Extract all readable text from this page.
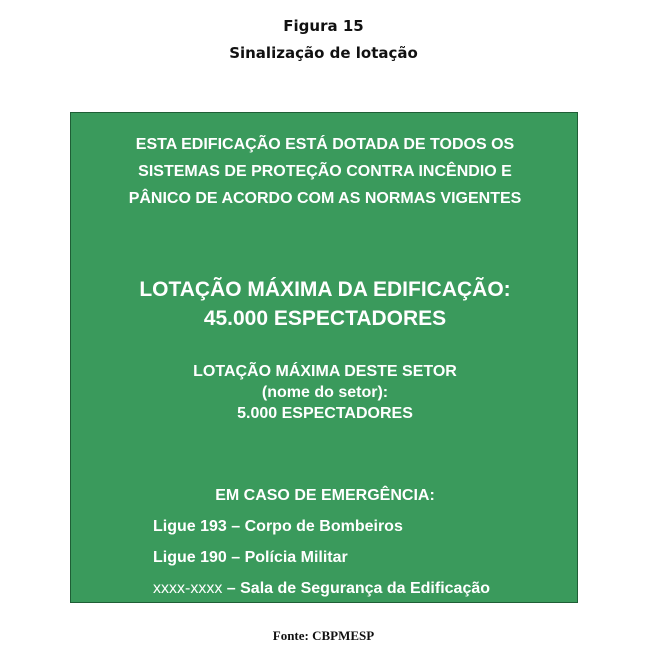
Figura 15
Sinalização de lotação
ESTA EDIFICAÇÃO ESTÁ DOTADA DE TODOS OS
SISTEMAS DE PROTEÇÃO CONTRA INCÊNDIO E
PÂNICO DE ACORDO COM AS NORMAS VIGENTES
LOTAÇÃO MÁXIMA DA EDIFICAÇÃO:
45.000 ESPECTADORES
LOTAÇÃO MÁXIMA DESTE SETOR
(nome do setor):
5.000 ESPECTADORES
EM CASO DE EMERGÊNCIA:
Ligue 193 – Corpo de Bombeiros
Ligue 190 – Polícia Militar
xxxx-xxxx – Sala de Segurança da Edificação
Fonte: CBPMESP
